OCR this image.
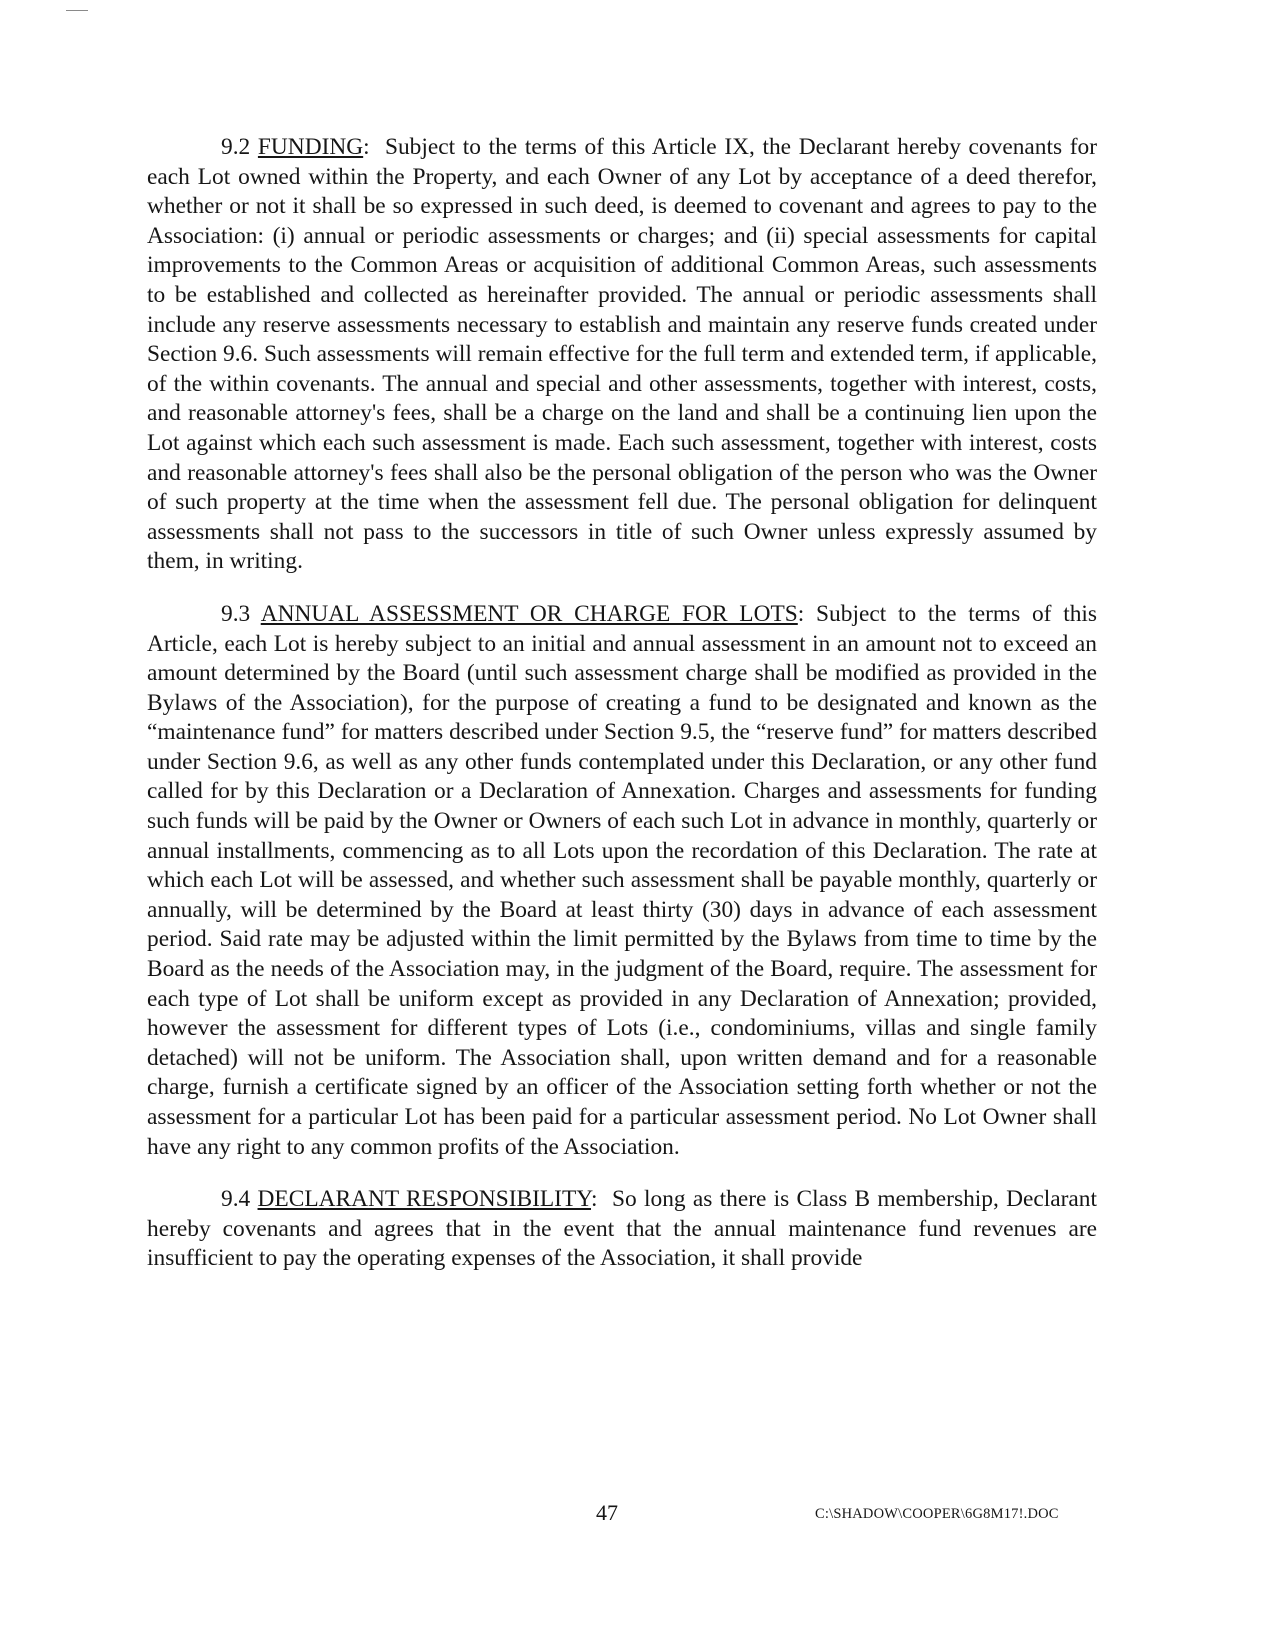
9.2 FUNDING:  Subject to the terms of this Article IX, the Declarant hereby covenants for each Lot owned within the Property, and each Owner of any Lot by acceptance of a deed therefor, whether or not it shall be so expressed in such deed, is deemed to covenant and agrees to pay to the Association: (i) annual or periodic assessments or charges; and (ii) special assessments for capital improvements to the Common Areas or acquisition of additional Common Areas, such assessments to be established and collected as hereinafter provided. The annual or periodic assessments shall include any reserve assessments necessary to establish and maintain any reserve funds created under Section 9.6. Such assessments will remain effective for the full term and extended term, if applicable, of the within covenants. The annual and special and other assessments, together with interest, costs, and reasonable attorney's fees, shall be a charge on the land and shall be a continuing lien upon the Lot against which each such assessment is made. Each such assessment, together with interest, costs and reasonable attorney's fees shall also be the personal obligation of the person who was the Owner of such property at the time when the assessment fell due. The personal obligation for delinquent assessments shall not pass to the successors in title of such Owner unless expressly assumed by them, in writing.

9.3 ANNUAL ASSESSMENT OR CHARGE FOR LOTS: Subject to the terms of this Article, each Lot is hereby subject to an initial and annual assessment in an amount not to exceed an amount determined by the Board (until such assessment charge shall be modified as provided in the Bylaws of the Association), for the purpose of creating a fund to be designated and known as the “maintenance fund” for matters described under Section 9.5, the “reserve fund” for matters described under Section 9.6, as well as any other funds contemplated under this Declaration, or any other fund called for by this Declaration or a Declaration of Annexation. Charges and assessments for funding such funds will be paid by the Owner or Owners of each such Lot in advance in monthly, quarterly or annual installments, commencing as to all Lots upon the recordation of this Declaration. The rate at which each Lot will be assessed, and whether such assessment shall be payable monthly, quarterly or annually, will be determined by the Board at least thirty (30) days in advance of each assessment period. Said rate may be adjusted within the limit permitted by the Bylaws from time to time by the Board as the needs of the Association may, in the judgment of the Board, require. The assessment for each type of Lot shall be uniform except as provided in any Declaration of Annexation; provided, however the assessment for different types of Lots (i.e., condominiums, villas and single family detached) will not be uniform. The Association shall, upon written demand and for a reasonable charge, furnish a certificate signed by an officer of the Association setting forth whether or not the assessment for a particular Lot has been paid for a particular assessment period. No Lot Owner shall have any right to any common profits of the Association.

9.4 DECLARANT RESPONSIBILITY:  So long as there is Class B membership, Declarant hereby covenants and agrees that in the event that the annual maintenance fund revenues are insufficient to pay the operating expenses of the Association, it shall provide

47	C:\SHADOW\COOPER\6G8M17!.DOC
